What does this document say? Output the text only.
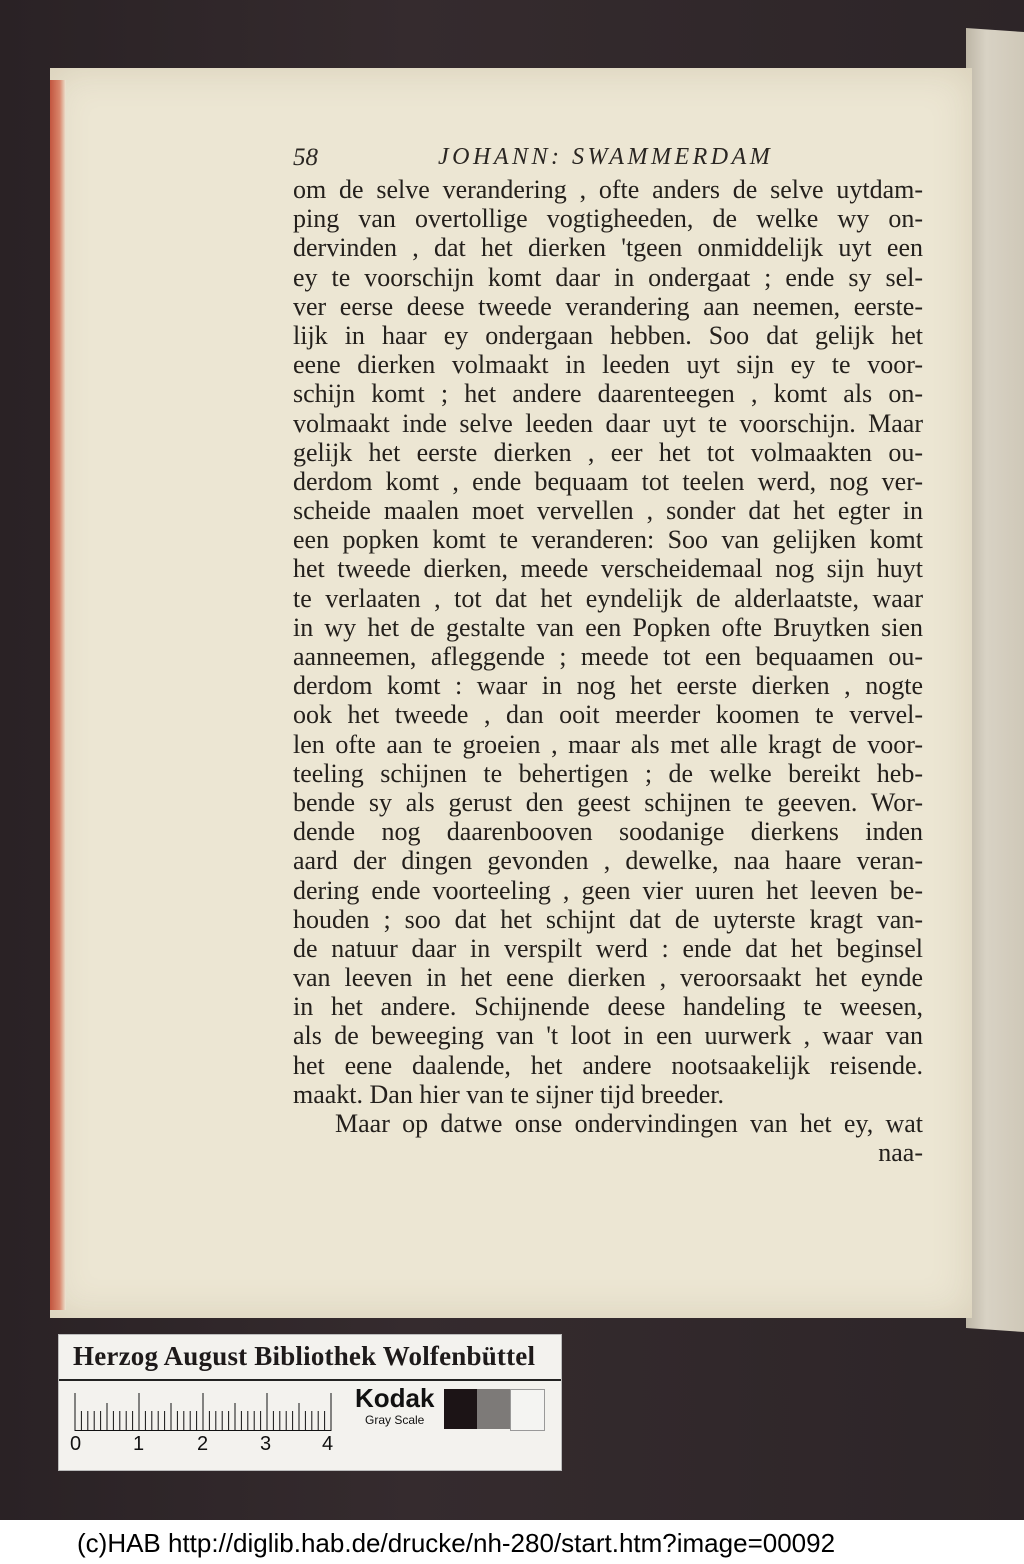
58	JOHANN: SWAMMERDAM
om de selve verandering , ofte anders de selve uytdam-
ping van overtollige vogtigheeden, de welke wy on-
dervinden , dat het dierken 'tgeen onmiddelijk uyt een
ey te voorschijn komt daar in ondergaat ; ende sy sel-
ver eerse deese tweede verandering aan neemen, eerste-
lijk in haar ey ondergaan hebben. Soo dat gelijk het
eene dierken volmaakt in leeden uyt sijn ey te voor-
schijn komt ; het andere daarenteegen , komt als on-
volmaakt inde selve leeden daar uyt te voorschijn. Maar
gelijk het eerste dierken , eer het tot volmaakten ou-
derdom komt , ende bequaam tot teelen werd, nog ver-
scheide maalen moet vervellen , sonder dat het egter in
een popken komt te veranderen: Soo van gelijken komt
het tweede dierken, meede verscheidemaal nog sijn huyt
te verlaaten , tot dat het eyndelijk de alderlaatste, waar
in wy het de gestalte van een Popken ofte Bruytken sien
aanneemen, afleggende ; meede tot een bequaamen ou-
derdom komt : waar in nog het eerste dierken , nogte
ook het tweede , dan ooit meerder koomen te vervel-
len ofte aan te groeien , maar als met alle kragt de voor-
teeling schijnen te behertigen ; de welke bereikt heb-
bende sy als gerust den geest schijnen te geeven. Wor-
dende nog daarenbooven soodanige dierkens inden
aard der dingen gevonden , dewelke, naa haare veran-
dering ende voorteeling , geen vier uuren het leeven be-
houden ; soo dat het schijnt dat de uyterste kragt van-
de natuur daar in verspilt werd : ende dat het beginsel
van leeven in het eene dierken , veroorsaakt het eynde
in het andere. Schijnende deese handeling te weesen,
als de beweeging van 't loot in een uurwerk , waar van
het eene daalende, het andere nootsaakelijk reisende.
maakt. Dan hier van te sijner tijd breeder.
Maar op datwe onse ondervindingen van het ey, wat
naa-
Herzog August Bibliothek Wolfenbüttel
0	1	2	3	4
Kodak
Gray Scale
(c)HAB http://diglib.hab.de/drucke/nh-280/start.htm?image=00092
